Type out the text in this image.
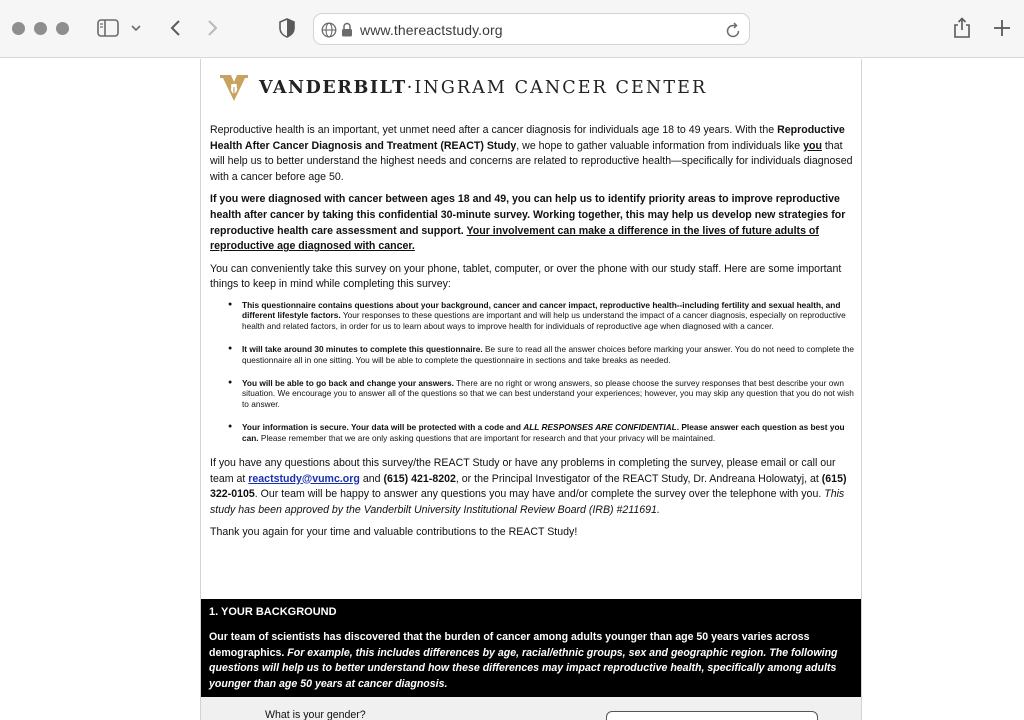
www.thereactstudy.org
VANDERBILT·INGRAM CANCER CENTER

Reproductive health is an important, yet unmet need after a cancer diagnosis for individuals age 18 to 49 years. With the Reproductive Health After Cancer Diagnosis and Treatment (REACT) Study, we hope to gather valuable information from individuals like you that will help us to better understand the highest needs and concerns are related to reproductive health—specifically for individuals diagnosed with a cancer before age 50.

If you were diagnosed with cancer between ages 18 and 49, you can help us to identify priority areas to improve reproductive health after cancer by taking this confidential 30-minute survey. Working together, this may help us develop new strategies for reproductive health care assessment and support. Your involvement can make a difference in the lives of future adults of reproductive age diagnosed with cancer.

You can conveniently take this survey on your phone, tablet, computer, or over the phone with our study staff. Here are some important things to keep in mind while completing this survey:

● This questionnaire contains questions about your background, cancer and cancer impact, reproductive health--including fertility and sexual health, and different lifestyle factors. Your responses to these questions are important and will help us understand the impact of a cancer diagnosis, especially on reproductive health and related factors, in order for us to learn about ways to improve health for individuals of reproductive age when diagnosed with a cancer.
● It will take around 30 minutes to complete this questionnaire. Be sure to read all the answer choices before marking your answer. You do not need to complete the questionnaire all in one sitting. You will be able to complete the questionnaire in sections and take breaks as needed.
● You will be able to go back and change your answers. There are no right or wrong answers, so please choose the survey responses that best describe your own situation. We encourage you to answer all of the questions so that we can best understand your experiences; however, you may skip any question that you do not wish to answer.
● Your information is secure. Your data will be protected with a code and ALL RESPONSES ARE CONFIDENTIAL. Please answer each question as best you can. Please remember that we are only asking questions that are important for research and that your privacy will be maintained.

If you have any questions about this survey/the REACT Study or have any problems in completing the survey, please email or call our team at reactstudy@vumc.org and (615) 421-8202, or the Principal Investigator of the REACT Study, Dr. Andreana Holowatyj, at (615) 322-0105. Our team will be happy to answer any questions you may have and/or complete the survey over the telephone with you. This study has been approved by the Vanderbilt University Institutional Review Board (IRB) #211691.

Thank you again for your time and valuable contributions to the REACT Study!

1. YOUR BACKGROUND
Our team of scientists has discovered that the burden of cancer among adults younger than age 50 years varies across demographics. For example, this includes differences by age, racial/ethnic groups, sex and geographic region. The following questions will help us to better understand how these differences may impact reproductive health, specifically among adults younger than age 50 years at cancer diagnosis.
What is your gender?
